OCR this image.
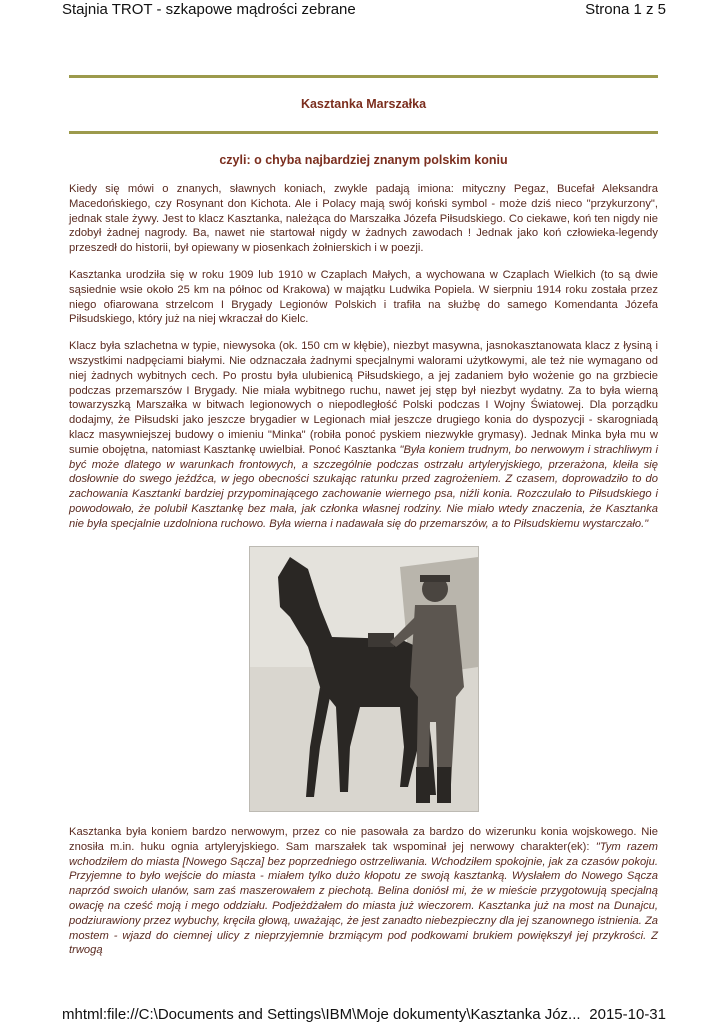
Stajnia TROT - szkapowe mądrości zebrane	Strona 1 z 5
Kasztanka Marszałka
czyli: o chyba najbardziej znanym polskim koniu

Kiedy się mówi o znanych, sławnych koniach, zwykle padają imiona: mityczny Pegaz, Bucefał Aleksandra Macedońskiego, czy Rosynant don Kichota. Ale i Polacy mają swój koński symbol - może dziś nieco "przykurzony", jednak stale żywy. Jest to klacz Kasztanka, należąca do Marszałka Józefa Piłsudskiego. Co ciekawe, koń ten nigdy nie zdobył żadnej nagrody. Ba, nawet nie startował nigdy w żadnych zawodach ! Jednak jako koń człowieka-legendy przeszedł do historii, był opiewany w piosenkach żołnierskich i w poezji.

Kasztanka urodziła się w roku 1909 lub 1910 w Czaplach Małych, a wychowana w Czaplach Wielkich (to są dwie sąsiednie wsie około 25 km na północ od Krakowa) w majątku Ludwika Popiela. W sierpniu 1914 roku została przez niego ofiarowana strzelcom I Brygady Legionów Polskich i trafiła na służbę do samego Komendanta Józefa Piłsudskiego, który już na niej wkraczał do Kielc.

Klacz była szlachetna w typie, niewysoka (ok. 150 cm w kłębie), niezbyt masywna, jasnokasztanowata klacz z łysiną i wszystkimi nadpęciami białymi. Nie odznaczała żadnymi specjalnymi walorami użytkowymi, ale też nie wymagano od niej żadnych wybitnych cech. Po prostu była ulubienicą Piłsudskiego, a jej zadaniem było wożenie go na grzbiecie podczas przemarszów I Brygady. Nie miała wybitnego ruchu, nawet jej stęp był niezbyt wydatny. Za to była wierną towarzyszką Marszałka w bitwach legionowych o niepodległość Polski podczas I Wojny Światowej. Dla porządku dodajmy, że Piłsudski jako jeszcze brygadier w Legionach miał jeszcze drugiego konia do dyspozycji - skarogniadą klacz masywniejszej budowy o imieniu "Minka" (robiła ponoć pyskiem niezwykłe grymasy). Jednak Minka była mu w sumie obojętna, natomiast Kasztankę uwielbiał. Ponoć Kasztanka "Była koniem trudnym, bo nerwowym i strachliwym i być może dlatego w warunkach frontowych, a szczególnie podczas ostrzału artyleryjskiego, przerażona, kleiła się dosłownie do swego jeźdźca, w jego obecności szukając ratunku przed zagrożeniem. Z czasem, doprowadziło to do zachowania Kasztanki bardziej przypominającego zachowanie wiernego psa, niźli konia. Rozczulało to Piłsudskiego i powodowało, że polubił Kasztankę bez mała, jak członka własnej rodziny. Nie miało wtedy znaczenia, że Kasztanka nie była specjalnie uzdolniona ruchowo. Była wierna i nadawała się do przemarszów, a to Piłsudskiemu wystarczało."

Kasztanka była koniem bardzo nerwowym, przez co nie pasowała za bardzo do wizerunku konia wojskowego. Nie znosiła m.in. huku ognia artyleryjskiego. Sam marszałek tak wspominał jej nerwowy charakter(ek): "Tym razem wchodziłem do miasta [Nowego Sącza] bez poprzedniego ostrzeliwania. Wchodziłem spokojnie, jak za czasów pokoju. Przyjemne to było wejście do miasta - miałem tylko dużo kłopotu ze swoją kasztanką. Wysłałem do Nowego Sącza naprzód swoich ułanów, sam zaś maszerowałem z piechotą. Belina doniósł mi, że w mieście przygotowują specjalną owację na cześć moją i mego oddziału. Podjeżdżałem do miasta już wieczorem. Kasztanka już na most na Dunajcu, podziurawiony przez wybuchy, kręciła głową, uważając, że jest zanadto niebezpieczny dla jej szanownego istnienia. Za mostem - wjazd do ciemnej ulicy z nieprzyjemnie brzmiącym pod podkowami brukiem powiększył jej przykrości. Z trwogą

mhtml:file://C:\Documents and Settings\IBM\Moje dokumenty\Kasztanka Józ... 2015-10-31
